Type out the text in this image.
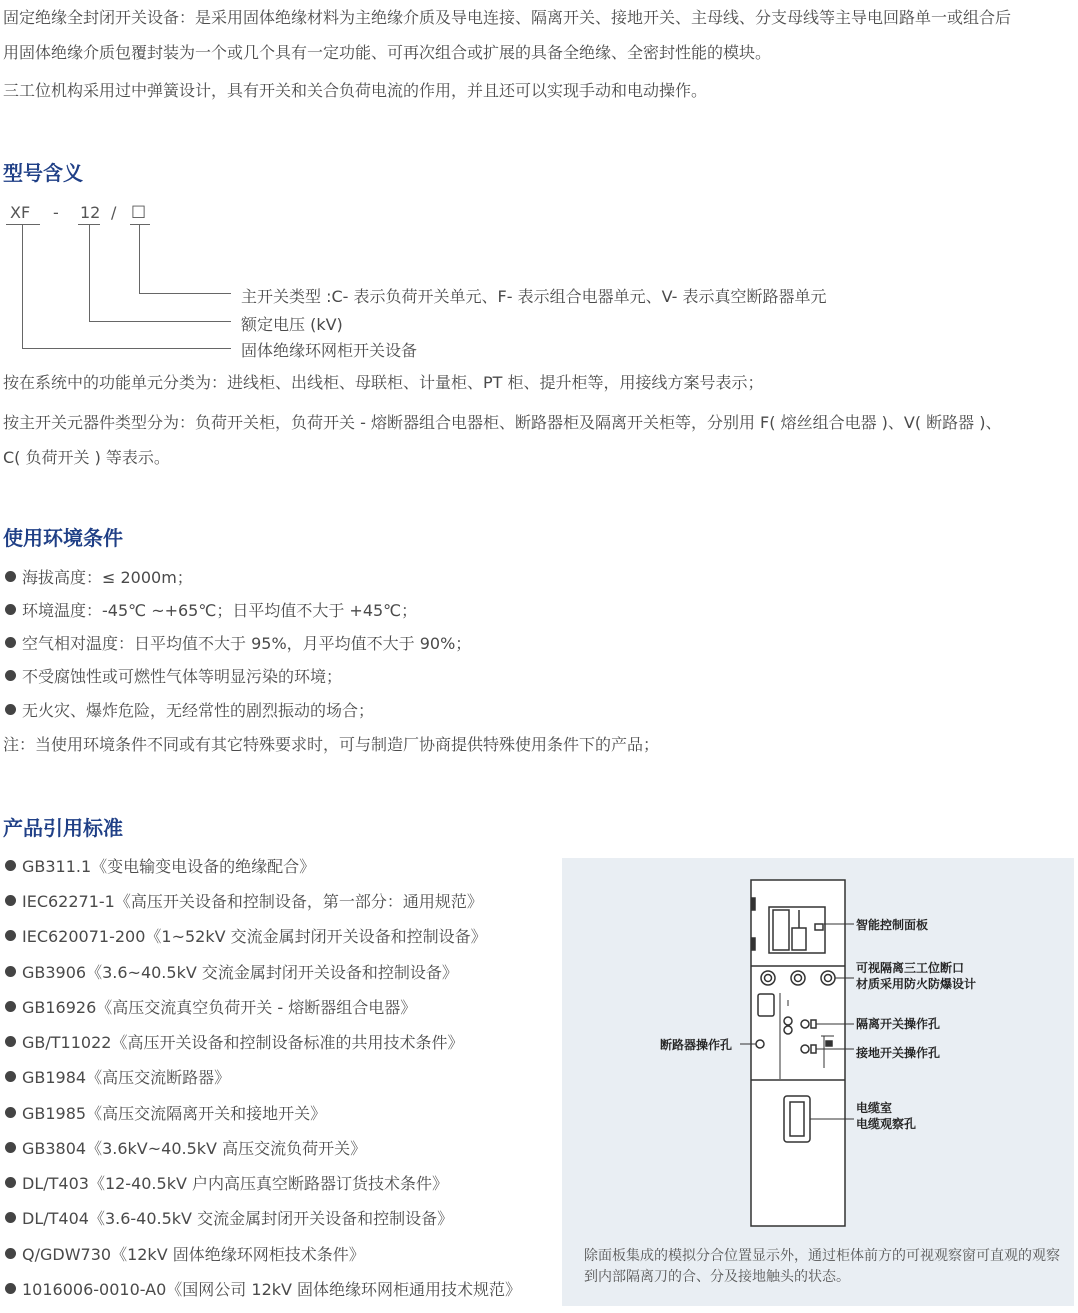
固定绝缘全封闭开关设备：是采用固体绝缘材料为主绝缘介质及导电连接、隔离开关、接地开关、主母线、分支母线等主导电回路单一或组合后
用固体绝缘介质包覆封装为一个或几个具有一定功能、可再次组合或扩展的具备全绝缘、全密封性能的模块。
三工位机构采用过中弹簧设计，具有开关和关合负荷电流的作用，并且还可以实现手动和电动操作。
型号含义
XF - 12 / □
主开关类型 :C- 表示负荷开关单元、F- 表示组合电器单元、V- 表示真空断路器单元
额定电压 (kV)
固体绝缘环网柜开关设备
按在系统中的功能单元分类为：进线柜、出线柜、母联柜、计量柜、PT 柜、提升柜等，用接线方案号表示；
按主开关元器件类型分为：负荷开关柜，负荷开关 - 熔断器组合电器柜、断路器柜及隔离开关柜等，分别用 F( 熔丝组合电器 )、V( 断路器 )、
C( 负荷开关 ) 等表示。
使用环境条件
海拔高度：≤ 2000m；
环境温度：-45℃ ~+65℃；日平均值不大于 +45℃；
空气相对温度：日平均值不大于 95%，月平均值不大于 90%；
不受腐蚀性或可燃性气体等明显污染的环境；
无火灾、爆炸危险，无经常性的剧烈振动的场合；
注：当使用环境条件不同或有其它特殊要求时，可与制造厂协商提供特殊使用条件下的产品；
产品引用标准
GB311.1《变电输变电设备的绝缘配合》
IEC62271-1《高压开关设备和控制设备，第一部分：通用规范》
IEC620071-200《1~52kV 交流金属封闭开关设备和控制设备》
GB3906《3.6~40.5kV 交流金属封闭开关设备和控制设备》
GB16926《高压交流真空负荷开关 - 熔断器组合电器》
GB/T11022《高压开关设备和控制设备标准的共用技术条件》
GB1984《高压交流断路器》
GB1985《高压交流隔离开关和接地开关》
GB3804《3.6kV~40.5kV 高压交流负荷开关》
DL/T403《12-40.5kV 户内高压真空断路器订货技术条件》
DL/T404《3.6-40.5kV 交流金属封闭开关设备和控制设备》
Q/GDW730《12kV 固体绝缘环网柜技术条件》
1016006-0010-A0《国网公司 12kV 固体绝缘环网柜通用技术规范》
智能控制面板
可视隔离三工位断口
材质采用防火防爆设计
隔离开关操作孔
断路器操作孔
接地开关操作孔
电缆室
电缆观察孔
除面板集成的模拟分合位置显示外，通过柜体前方的可视观察窗可直观的观察到内部隔离刀的合、分及接地触头的状态。
